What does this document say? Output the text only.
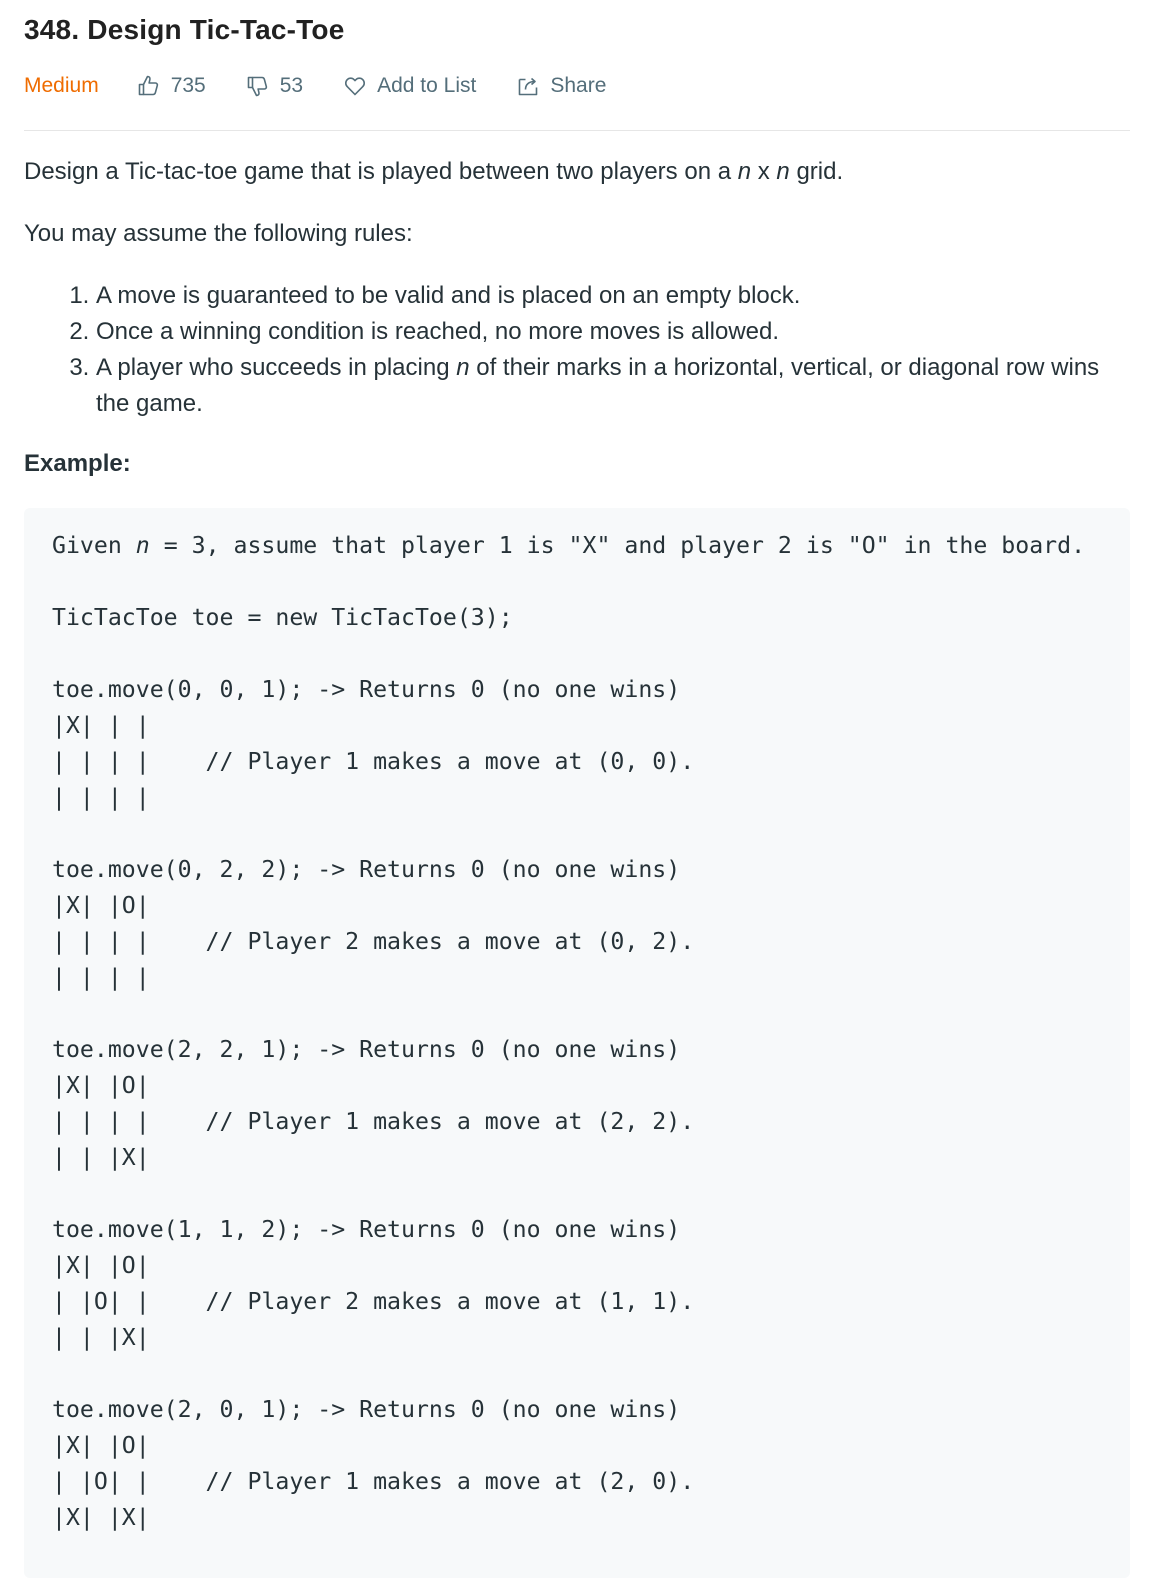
348. Design Tic-Tac-Toe
Medium	735	53	Add to List	Share

Design a Tic-tac-toe game that is played between two players on a n x n grid.

You may assume the following rules:

1. A move is guaranteed to be valid and is placed on an empty block.
2. Once a winning condition is reached, no more moves is allowed.
3. A player who succeeds in placing n of their marks in a horizontal, vertical, or diagonal row wins the game.
Example:
Given n = 3, assume that player 1 is "X" and player 2 is "O" in the board.

TicTacToe toe = new TicTacToe(3);

toe.move(0, 0, 1); -> Returns 0 (no one wins)
|X| | |
| | | |    // Player 1 makes a move at (0, 0).
| | | |

toe.move(0, 2, 2); -> Returns 0 (no one wins)
|X| |O|
| | | |    // Player 2 makes a move at (0, 2).
| | | |

toe.move(2, 2, 1); -> Returns 0 (no one wins)
|X| |O|
| | | |    // Player 1 makes a move at (2, 2).
| | |X|

toe.move(1, 1, 2); -> Returns 0 (no one wins)
|X| |O|
| |O| |    // Player 2 makes a move at (1, 1).
| | |X|

toe.move(2, 0, 1); -> Returns 0 (no one wins)
|X| |O|
| |O| |    // Player 1 makes a move at (2, 0).
|X| |X|
